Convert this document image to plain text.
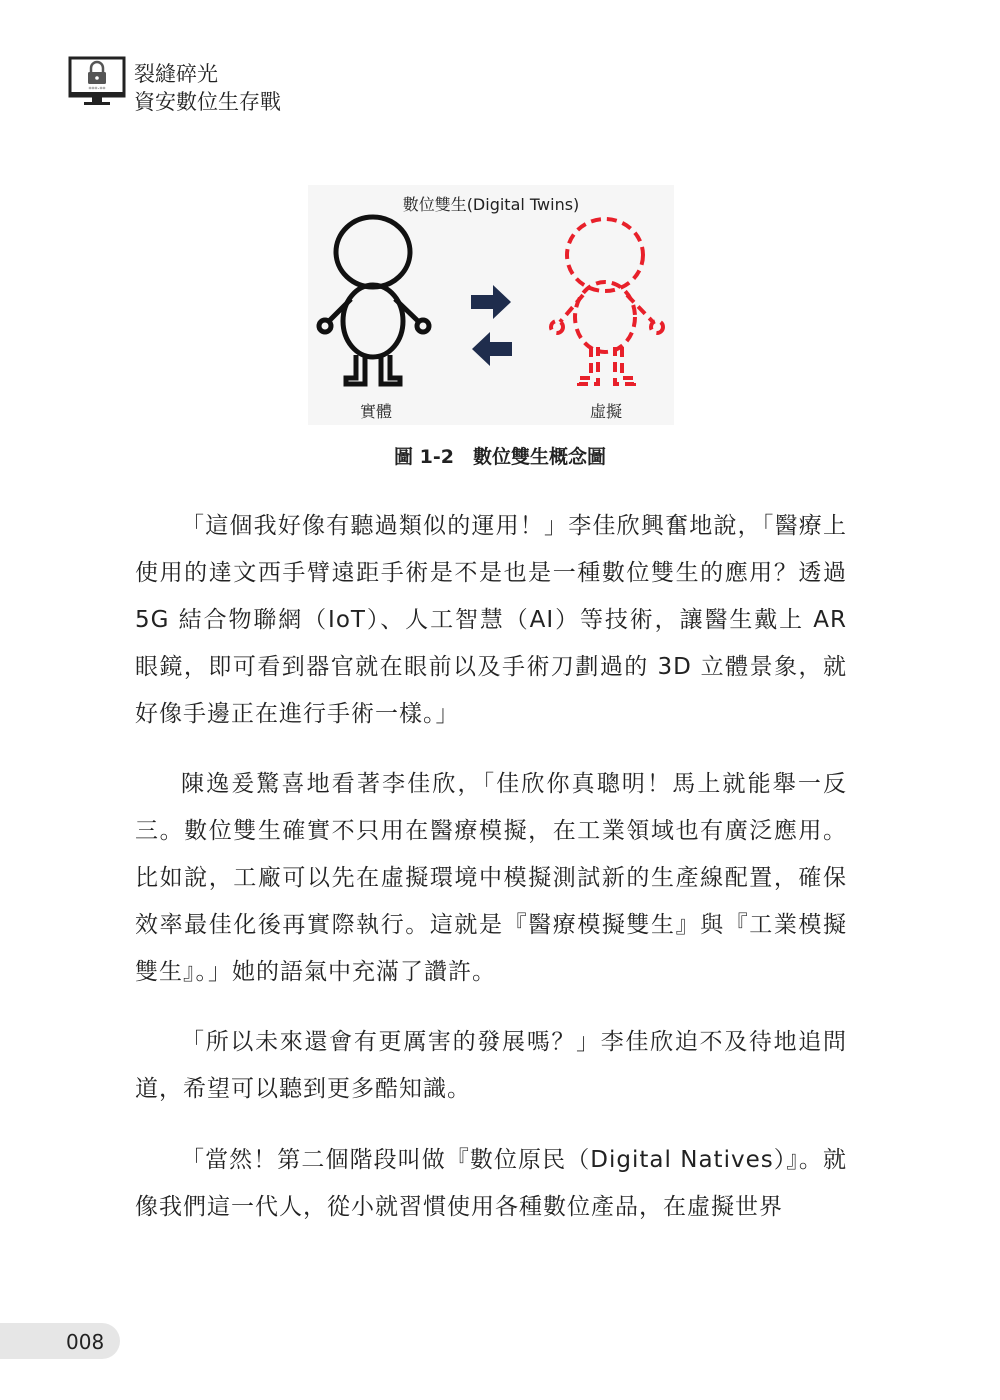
***·**
裂縫碎光
資安數位生存戰
數位雙生(Digital Twins)
實體	虛擬
圖 1-2　數位雙生概念圖

「這個我好像有聽過類似的運用！」李佳欣興奮地說，「醫療上使用的達文西手臂遠距手術是不是也是一種數位雙生的應用？透過 5G 結合物聯網（IoT）、人工智慧（AI）等技術，讓醫生戴上 AR 眼鏡，即可看到器官就在眼前以及手術刀劃過的 3D 立體景象，就好像手邊正在進行手術一樣。」

陳逸爰驚喜地看著李佳欣，「佳欣你真聰明！馬上就能舉一反三。數位雙生確實不只用在醫療模擬，在工業領域也有廣泛應用。比如說，工廠可以先在虛擬環境中模擬測試新的生產線配置，確保效率最佳化後再實際執行。這就是『醫療模擬雙生』與『工業模擬雙生』。」她的語氣中充滿了讚許。

「所以未來還會有更厲害的發展嗎？」李佳欣迫不及待地追問道，希望可以聽到更多酷知識。

「當然！第二個階段叫做『數位原民（Digital Natives）』。就像我們這一代人，從小就習慣使用各種數位產品，在虛擬世界

008
